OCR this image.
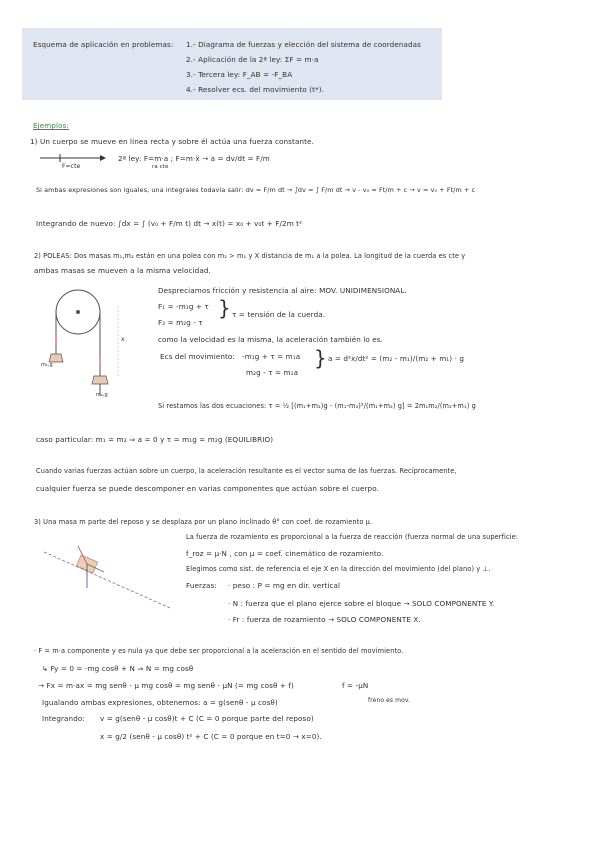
Esquema de aplicación en problemas: 1.- Diagrama de fuerzas y elección del sistema de coordenadas
2.- Aplicación de la 2ª ley: ΣF = m·a
3.- Tercera ley: F_AB = -F_BA
4.- Resolver ecs. del movimiento (t*).
Ejemplos:
1) Un cuerpo se mueve en línea recta y sobre él actúa una fuerza constante.
F=cte
2ª ley: F=m·a ; F=m·ẍ → a = dv/dt = F/m
ra cte
Si ambas expresiones son iguales, una integrales todavía salir: dv = F/m dt → ∫dv = ∫ F/m dt → v - v₀ = Ft/m + c → v = v₀ + Ft/m + c
Integrando de nuevo: ∫dx = ∫ (v₀ + F/m t) dt → x(t) = x₀ + v₀t + F/2m t²
2) POLEAS: Dos masas m₁,m₂ están en una polea con m₂ > m₁ y X distancia de m₁ a la polea. La longitud de la cuerda es cte y
ambas masas se mueven a la misma velocidad.
x
m₁,g
m₂,g
Despreciamos fricción y resistencia al aire: MOV. UNIDIMENSIONAL.
F₁ = -m₁g + τ
F₂ = m₂g - τ
} τ = tensión de la cuerda.
como la velocidad es la misma, la aceleración también lo es.
Ecs del movimiento: -m₁g + τ = m₁a
m₂g - τ = m₁a
} a = d²x/dt² = (m₂ - m₁)/(m₂ + m₁) · g
Si restamos las dos ecuaciones: τ = ½ [(m₁+m₂)g - (m₁-m₂)²/(m₁+m₂) g] = 2m₁m₂/(m₂+m₁) g
caso particular: m₁ = m₂ ⇒ a = 0 y τ = m₁g = m₂g (EQUILIBRIO)
Cuando varias fuerzas actúan sobre un cuerpo, la aceleración resultante es el vector suma de las fuerzas. Recíprocamente,
cualquier fuerza se puede descomponer en varias componentes que actúan sobre el cuerpo.
3) Una masa m parte del reposo y se desplaza por un plano inclinado θ° con coef. de rozamiento μ.
La fuerza de rozamiento es proporcional a la fuerza de reacción (fuerza normal de una superficie:
f_roz = μ·N , con μ = coef. cinemático de rozamiento.
Elegimos como sist. de referencia el eje X en la dirección del movimiento (del plano) y ⊥.
Fuerzas: · peso : P = mg en dir. vertical
· N : fuerza que el plano ejerce sobre el bloque → SOLO COMPONENTE Y.
· Fr : fuerza de rozamiento → SOLO COMPONENTE X.
· F = m·a componente y es nula ya que debe ser proporcional a la aceleración en el sentido del movimiento.
↳ Fy = 0 = -mg cosθ + N ⇒ N = mg cosθ
→ Fx = m·ax = mg senθ - μ mg cosθ = mg senθ - μN (= mg cosθ + f)	f = -μN
freno es mov.
Igualando ambas expresiones, obtenemos: a = g(senθ - μ cosθ)
Integrando: v = g(senθ - μ cosθ)t + C (C = 0 porque parte del reposo)
x = g/2 (senθ - μ cosθ) t² + C (C = 0 porque en t=0 → x=0).
